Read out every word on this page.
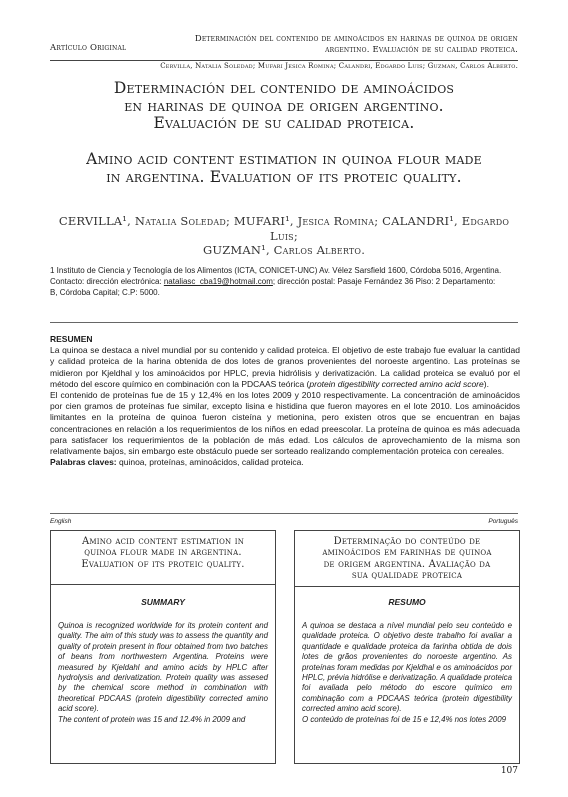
Artículo Original
Determinación del contenido de aminoácidos en harinas de quinoa de origen
argentino. Evaluación de su calidad proteica.
Cervilla, Natalia Soledad; Mufari Jesica Romina; Calandri, Edgardo Luis; Guzman, Carlos Alberto.
Determinación del contenido de aminoácidos
en harinas de quinoa de origen argentino.
Evaluación de su calidad proteica.
Amino acid content estimation in quinoa flour made
in argentina. Evaluation of its proteic quality.
CERVILLA¹, Natalia Soledad; MUFARI¹, Jesica Romina; CALANDRI¹, Edgardo Luis;
GUZMAN¹, Carlos Alberto.
1 Instituto de Ciencia y Tecnología de los Alimentos (ICTA, CONICET-UNC) Av. Vélez Sarsfield 1600, Córdoba 5016, Argentina.
Contacto: dirección electrónica: nataliasc_cba19@hotmail.com; dirección postal: Pasaje Fernández 36 Piso: 2 Departamento:
B, Córdoba Capital; C.P: 5000.

RESUMEN

La quinoa se destaca a nivel mundial por su contenido y calidad proteica. El objetivo de este trabajo fue evaluar la cantidad y calidad proteica de la harina obtenida de dos lotes de granos provenientes del noroeste argentino. Las proteínas se midieron por Kjeldhal y los aminoácidos por HPLC, previa hidrólisis y derivatización. La calidad proteica se evaluó por el método del escore químico en combinación con la PDCAAS teórica (protein digestibility corrected amino acid score).

El contenido de proteínas fue de 15 y 12,4% en los lotes 2009 y 2010 respectivamente. La concentración de aminoácidos por cien gramos de proteínas fue similar, excepto lisina e histidina que fueron mayores en el lote 2010. Los aminoácidos limitantes en la proteína de quinoa fueron cisteína y metionina, pero existen otros que se encuentran en bajas concentraciones en relación a los requerimientos de los niños en edad preescolar. La proteína de quinoa es más adecuada para satisfacer los requerimientos de la población de más edad. Los cálculos de aprovechamiento de la misma son relativamente bajos, sin embargo este obstáculo puede ser sorteado realizando complementación proteica con cereales.

Palabras claves: quinoa, proteínas, aminoácidos, calidad proteica.

English	Português
Amino acid content estimation in
quinoa flour made in argentina.
Evaluation of its proteic quality.
SUMMARY

Quinoa is recognized worldwide for its protein content and quality. The aim of this study was to assess the quantity and quality of protein present in flour obtained from two batches of beans from northwestern Argentina. Proteins were measured by Kjeldahl and amino acids by HPLC after hydrolysis and derivatization. Protein quality was assesed by the chemical score method in combination with theoretical PDCAAS (protein digestibility corrected amino acid score).

The content of protein was 15 and 12.4% in 2009 and

Determinação do conteúdo de
aminoácidos em farinhas de quinoa
de origem argentina. Avaliação da
sua qualidade proteica
RESUMO

A quinoa se destaca a nível mundial pelo seu conteúdo e qualidade proteica. O objetivo deste trabalho foi avaliar a quantidade e qualidade proteica da farinha obtida de dois lotes de grãos provenientes do noroeste argentino. As proteínas foram medidas por Kjeldhal e os aminoácidos por HPLC, prévia hidrólise e derivatização. A qualidade proteica foi avaliada pelo método do escore químico em combinação com a PDCAAS teórica (protein digestibility corrected amino acid score).

O conteúdo de proteínas foi de 15 e 12,4% nos lotes 2009

107
